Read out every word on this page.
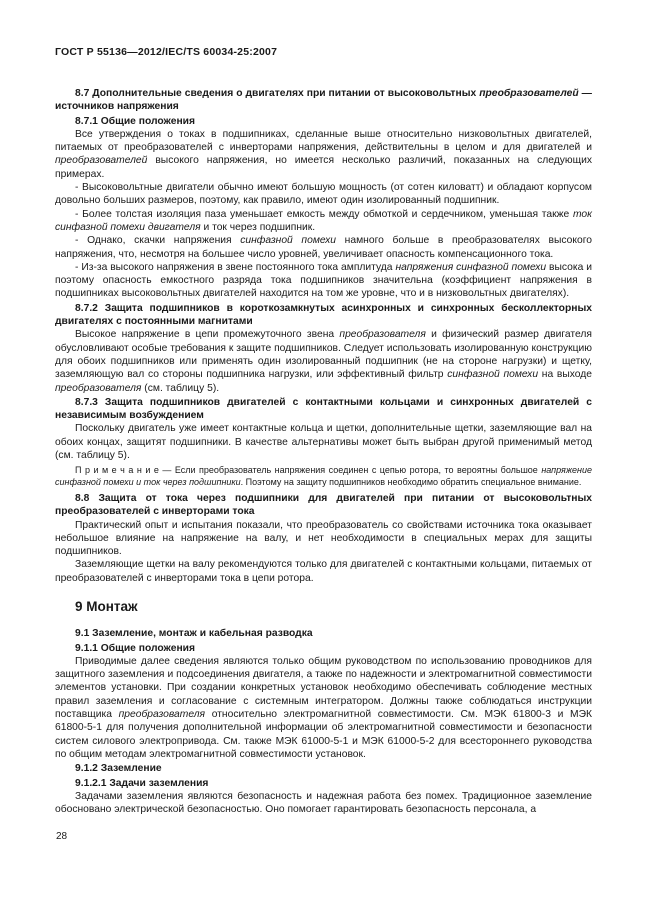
ГОСТ Р 55136—2012/IEC/TS 60034-25:2007

8.7 Дополнительные сведения о двигателях при питании от высоковольтных преобразователей — источников напряжения

8.7.1 Общие положения

Все утверждения о токах в подшипниках, сделанные выше относительно низковольтных двигателей, питаемых от преобразователей с инверторами напряжения, действительны в целом и для двигателей и преобразователей высокого напряжения, но имеется несколько различий, показанных на следующих примерах.

- Высоковольтные двигатели обычно имеют большую мощность (от сотен киловатт) и обладают корпусом довольно больших размеров, поэтому, как правило, имеют один изолированный подшипник.

- Более толстая изоляция паза уменьшает емкость между обмоткой и сердечником, уменьшая также ток синфазной помехи двигателя и ток через подшипник.

- Однако, скачки напряжения синфазной помехи намного больше в преобразователях высокого напряжения, что, несмотря на большее число уровней, увеличивает опасность компенсационного тока.

- Из-за высокого напряжения в звене постоянного тока амплитуда напряжения синфазной помехи высока и поэтому опасность емкостного разряда тока подшипников значительна (коэффициент напряжения в подшипниках высоковольтных двигателей находится на том же уровне, что и в низковольтных двигателях).

8.7.2 Защита подшипников в короткозамкнутых асинхронных и синхронных бесколлекторных двигателях с постоянными магнитами

Высокое напряжение в цепи промежуточного звена преобразователя и физический размер двигателя обусловливают особые требования к защите подшипников. Следует использовать изолированную конструкцию для обоих подшипников или применять один изолированный подшипник (не на стороне нагрузки) и щетку, заземляющую вал со стороны подшипника нагрузки, или эффективный фильтр синфазной помехи на выходе преобразователя (см. таблицу 5).

8.7.3 Защита подшипников двигателей с контактными кольцами и синхронных двигателей с независимым возбуждением

Поскольку двигатель уже имеет контактные кольца и щетки, дополнительные щетки, заземляющие вал на обоих концах, защитят подшипники. В качестве альтернативы может быть выбран другой применимый метод (см. таблицу 5).

П р и м е ч а н и е — Если преобразователь напряжения соединен с цепью ротора, то вероятны большое напряжение синфазной помехи и ток через подшипники. Поэтому на защиту подшипников необходимо обратить специальное внимание.

8.8 Защита от тока через подшипники для двигателей при питании от высоковольтных преобразователей с инверторами тока

Практический опыт и испытания показали, что преобразователь со свойствами источника тока оказывает небольшое влияние на напряжение на валу, и нет необходимости в специальных мерах для защиты подшипников.

Заземляющие щетки на валу рекомендуются только для двигателей с контактными кольцами, питаемых от преобразователей с инверторами тока в цепи ротора.

9 Монтаж

9.1 Заземление, монтаж и кабельная разводка

9.1.1 Общие положения

Приводимые далее сведения являются только общим руководством по использованию проводников для защитного заземления и подсоединения двигателя, а также по надежности и электромагнитной совместимости элементов установки. При создании конкретных установок необходимо обеспечивать соблюдение местных правил заземления и согласование с системным интегратором. Должны также соблюдаться инструкции поставщика преобразователя относительно электромагнитной совместимости. См. МЭК 61800-3 и МЭК 61800-5-1 для получения дополнительной информации об электромагнитной совместимости и безопасности систем силового электропривода. См. также МЭК 61000-5-1 и МЭК 61000-5-2 для всестороннего руководства по общим методам электромагнитной совместимости установок.

9.1.2 Заземление

9.1.2.1 Задачи заземления

Задачами заземления являются безопасность и надежная работа без помех. Традиционное заземление обосновано электрической безопасностью. Оно помогает гарантировать безопасность персонала, а

28
